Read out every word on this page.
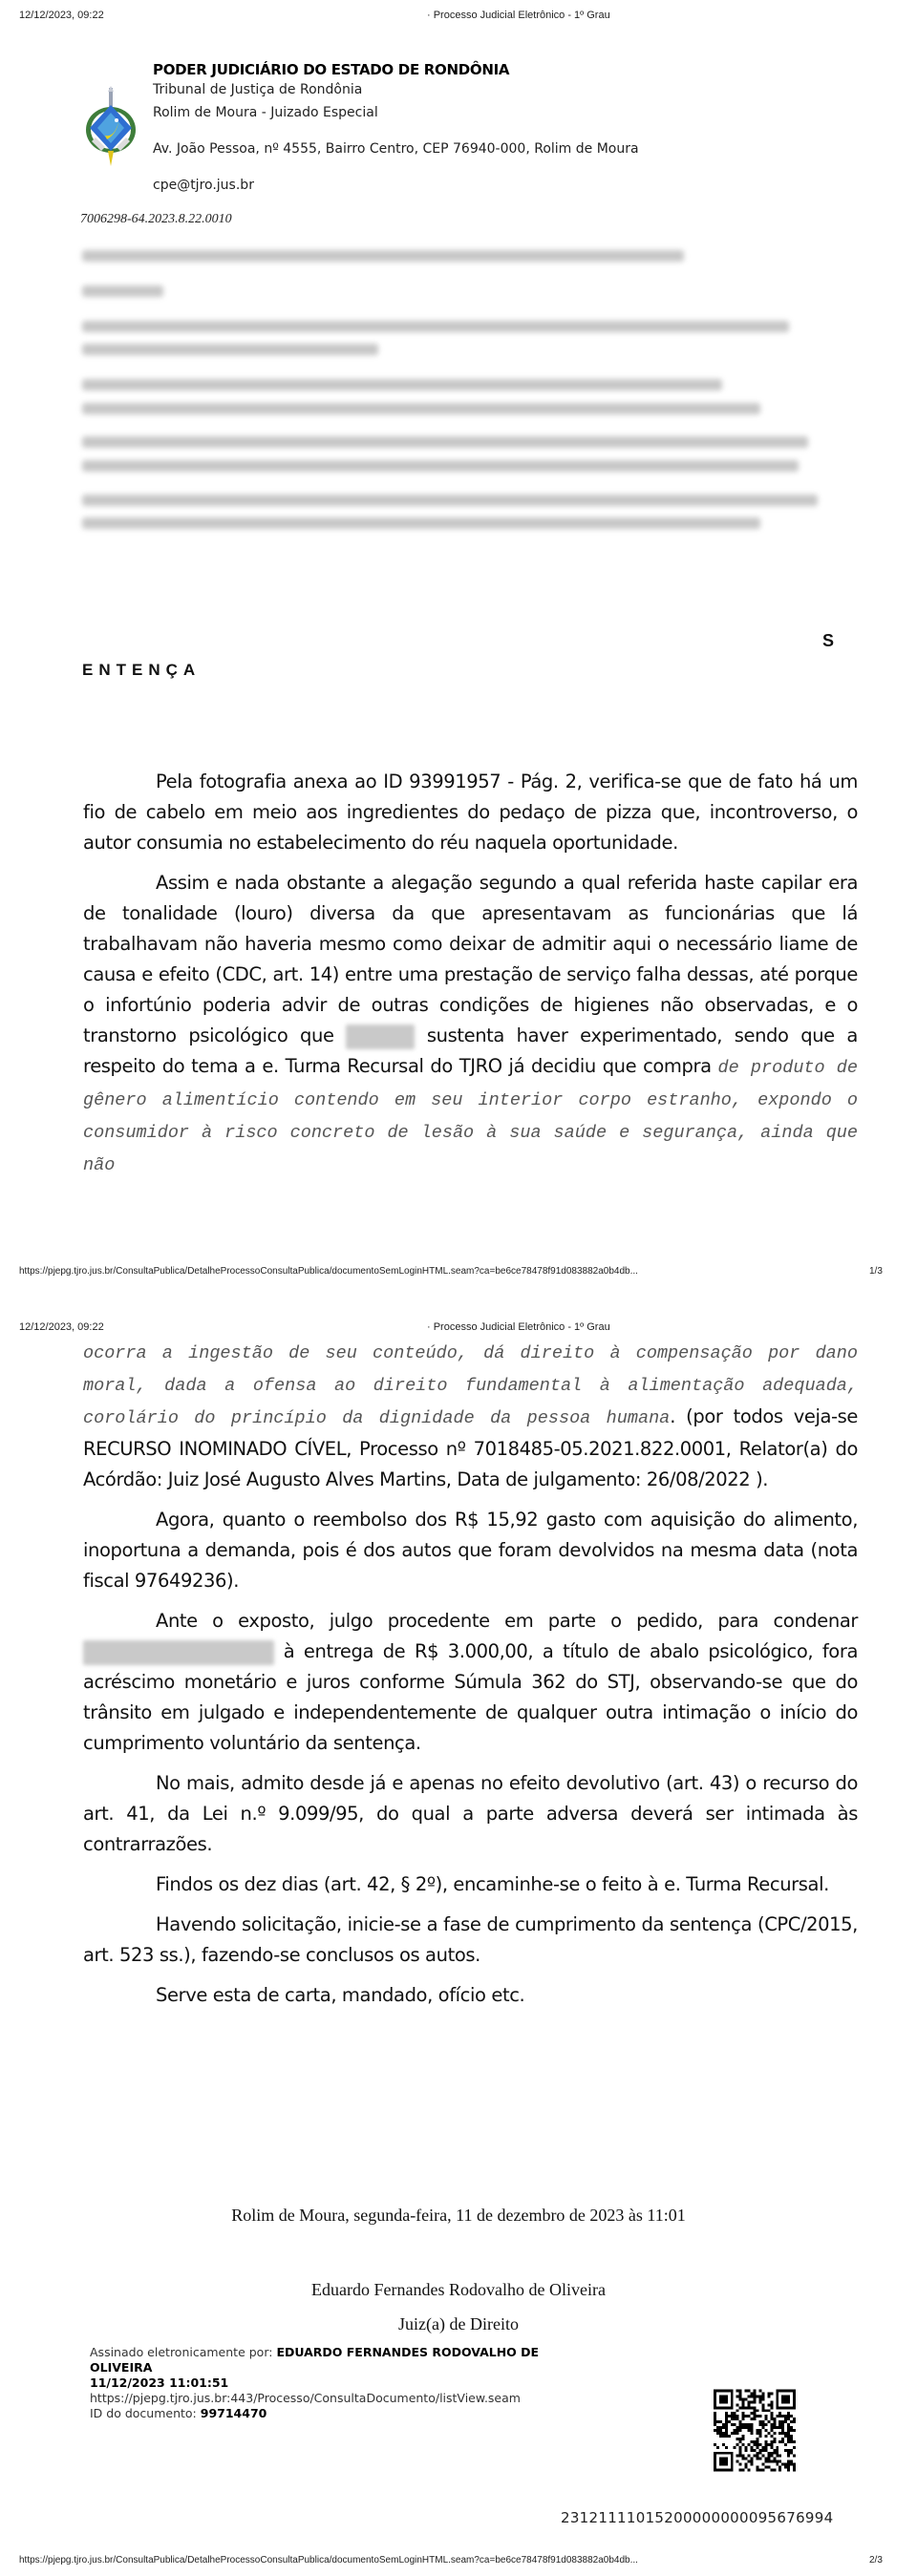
12/12/2023, 09:22	· Processo Judicial Eletrônico - 1º Grau
PODER JUDICIÁRIO DO ESTADO DE RONDÔNIA
Tribunal de Justiça de Rondônia
Rolim de Moura - Juizado Especial
Av. João Pessoa, nº 4555, Bairro Centro, CEP 76940-000, Rolim de Moura
cpe@tjro.jus.br
7006298-64.2023.8.22.0010
S
ENTENÇA

Pela fotografia anexa ao ID 93991957 - Pág. 2, verifica-se que de fato há um fio de cabelo em meio aos ingredientes do pedaço de pizza que, incontroverso, o autor consumia no estabelecimento do réu naquela oportunidade.

Assim e nada obstante a alegação segundo a qual referida haste capilar era de tonalidade (louro) diversa da que apresentavam as funcionárias que lá trabalhavam não haveria mesmo como deixar de admitir aqui o necessário liame de causa e efeito (CDC, art. 14) entre uma prestação de serviço falha dessas, até porque o infortúnio poderia advir de outras condições de higienes não observadas, e o transtorno psicológico que	sustenta haver experimentado, sendo que a respeito do tema a e. Turma Recursal do TJRO já decidiu que compra de produto de gênero alimentício contendo em seu interior corpo estranho, expondo o consumidor à risco concreto de lesão à sua saúde e segurança, ainda que não

https://pjepg.tjro.jus.br/ConsultaPublica/DetalheProcessoConsultaPublica/documentoSemLoginHTML.seam?ca=be6ce78478f91d083882a0b4db...	1/3
12/12/2023, 09:22	· Processo Judicial Eletrônico - 1º Grau

ocorra a ingestão de seu conteúdo, dá direito à compensação por dano moral, dada a ofensa ao direito fundamental à alimentação adequada, corolário do princípio da dignidade da pessoa humana. (por todos veja-se RECURSO INOMINADO CÍVEL, Processo nº 7018485-05.2021.822.0001, Relator(a) do Acórdão: Juiz José Augusto Alves Martins, Data de julgamento: 26/08/2022 ).

Agora, quanto o reembolso dos R$ 15,92 gasto com aquisição do alimento, inoportuna a demanda, pois é dos autos que foram devolvidos na mesma data (nota fiscal 97649236).

Ante o exposto, julgo procedente em parte o pedido, para condenar  à entrega de R$ 3.000,00, a título de abalo psicológico, fora acréscimo monetário e juros conforme Súmula 362 do STJ, observando-se que do trânsito em julgado e independentemente de qualquer outra intimação o início do cumprimento voluntário da sentença.

No mais, admito desde já e apenas no efeito devolutivo (art. 43) o recurso do art. 41, da Lei n.º 9.099/95, do qual a parte adversa deverá ser intimada às contrarrazões.

Findos os dez dias (art. 42, § 2º), encaminhe-se o feito à e. Turma Recursal.

Havendo solicitação, inicie-se a fase de cumprimento da sentença (CPC/2015, art. 523 ss.), fazendo-se conclusos os autos.

Serve esta de carta, mandado, ofício etc.

Rolim de Moura, segunda-feira, 11 de dezembro de 2023 às 11:01
Eduardo Fernandes Rodovalho de Oliveira
Juiz(a) de Direito
Assinado eletronicamente por: EDUARDO FERNANDES RODOVALHO DE OLIVEIRA
11/12/2023 11:01:51
https://pjepg.tjro.jus.br:443/Processo/ConsultaDocumento/listView.seam
ID do documento: 99714470
23121111015200000000095676994
https://pjepg.tjro.jus.br/ConsultaPublica/DetalheProcessoConsultaPublica/documentoSemLoginHTML.seam?ca=be6ce78478f91d083882a0b4db...	2/3
